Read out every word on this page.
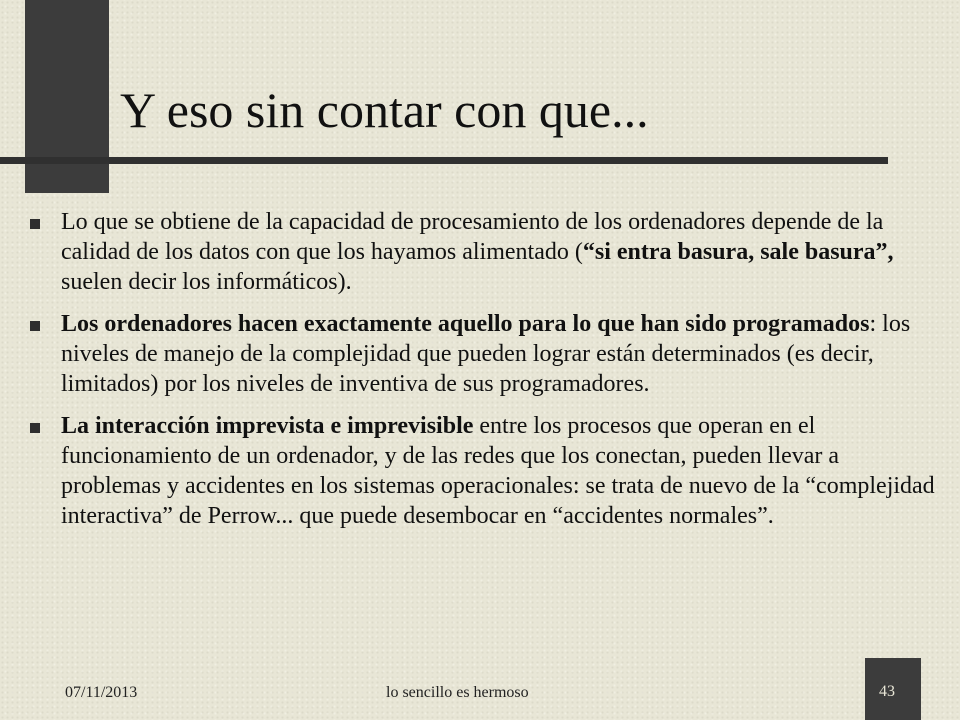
Y eso sin contar con que...
Lo que se obtiene de la capacidad de procesamiento de los ordenadores depende de la calidad de los datos con que los hayamos alimentado (“si entra basura, sale basura”, suelen decir los informáticos).
Los ordenadores hacen exactamente aquello para lo que han sido programados: los niveles de manejo de la complejidad que pueden lograr están determinados (es decir, limitados) por los niveles de inventiva de sus programadores.
La interacción imprevista e imprevisible entre los procesos que operan en el funcionamiento de un ordenador, y de las redes que los conectan, pueden llevar a problemas y accidentes en los sistemas operacionales: se trata de nuevo de la “complejidad interactiva” de Perrow... que puede desembocar en “accidentes normales”.
07/11/2013	lo sencillo es hermoso	43
